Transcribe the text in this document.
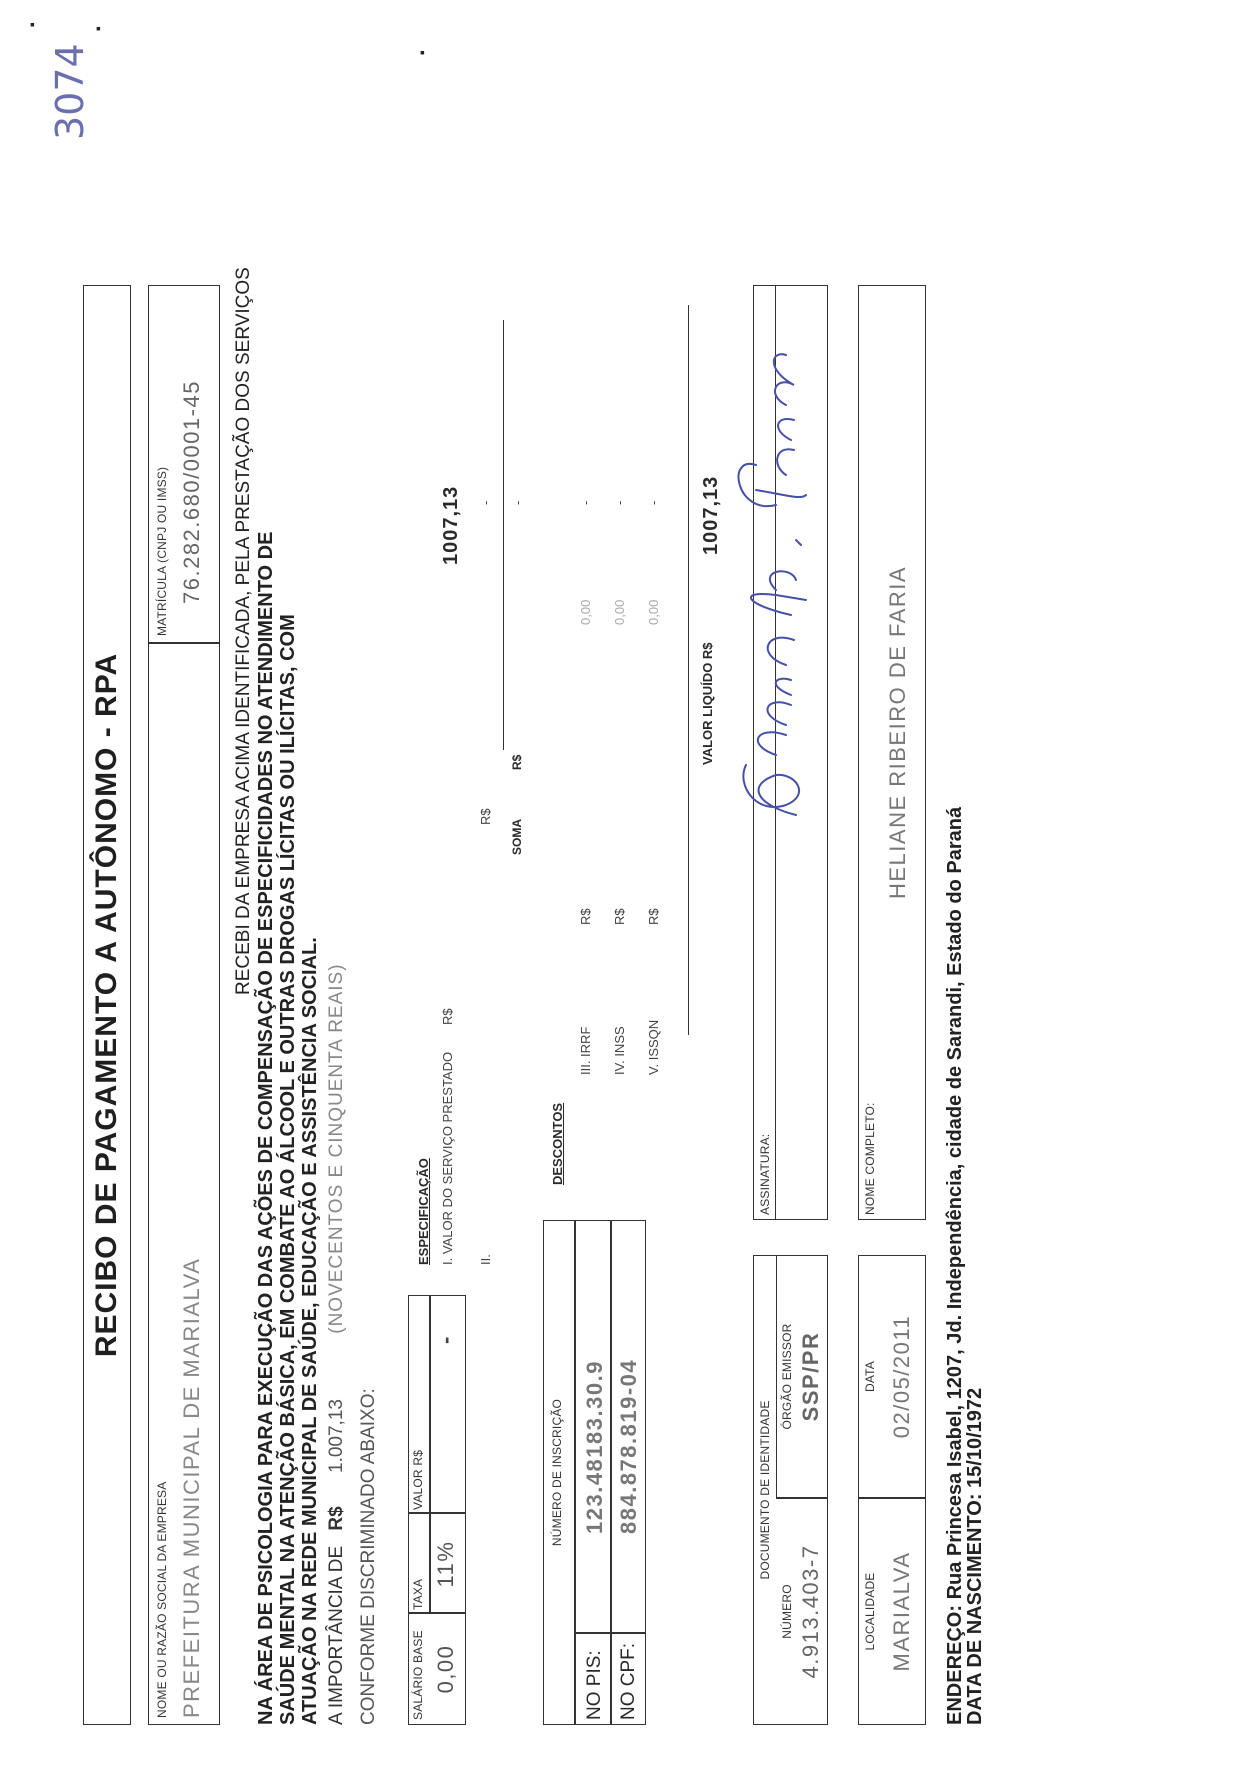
▪	▪
▪
3074
RECIBO DE PAGAMENTO A AUTÔNOMO - RPA
NOME OU RAZÃO SOCIAL DA EMPRESA PREFEITURA MUNICIPAL DE MARIALVA
MATRÍCULA (CNPJ OU IMSS) 76.282.680/0001-45 RECEBI DA EMPRESA ACIMA IDENTIFICADA, PELA PRESTAÇÃO DOS SERVIÇOS NA ÁREA DE PSICOLOGIA PARA EXECUÇÃO DAS AÇÕES DE COMPENSAÇÃO DE ESPECIFICIDADES NO ATENDIMENTO DE SAÚDE MENTAL NA ATENÇÃO BÁSICA, EM COMBATE AO ÁLCOOL E OUTRAS DROGAS LÍCITAS OU ILÍCITAS, COM ATUAÇÃO NA REDE MUNICIPAL DE SAÚDE, EDUCAÇÃO E ASSISTÊNCIA SOCIAL. A IMPORTÂNCIA DE R$ 1.007,13 (NOVECENTOS E CINQUENTA REAIS)
CONFORME DISCRIMINADO ABAIXO:	SALÁRIO BASE 0,00
TAXA
11%
VALOR R$
-
ESPECIFICAÇÃO I. VALOR DO SERVIÇO PRESTADO
R$
1007,13
II.
R$
-
SOMA
R$
-
NÚMERO DE INSCRIÇÃO
NO PIS:
123.48183.30.9
NO CPF:
884.878.819-04
DESCONTOS
III. IRRF
R$
0,00
-
IV. INSS
R$
0,00
-
V. ISSQN
R$
0,00
-
VALOR LIQUÍDO R$
1007,13
DOCUMENTO DE IDENTIDADE
NÚMERO 4.913.403-7
ÓRGÃO EMISSOR SSP/PR
ASSINATURA:
LOCALIDADE MARIALVA
DATA 02/05/2011
NOME COMPLETO:
HELIANE RIBEIRO DE FARIA
ENDEREÇO: Rua Princesa Isabel, 1207, Jd. Independência, cidade de Sarandi, Estado do Paraná
DATA DE NASCIMENTO: 15/10/1972
